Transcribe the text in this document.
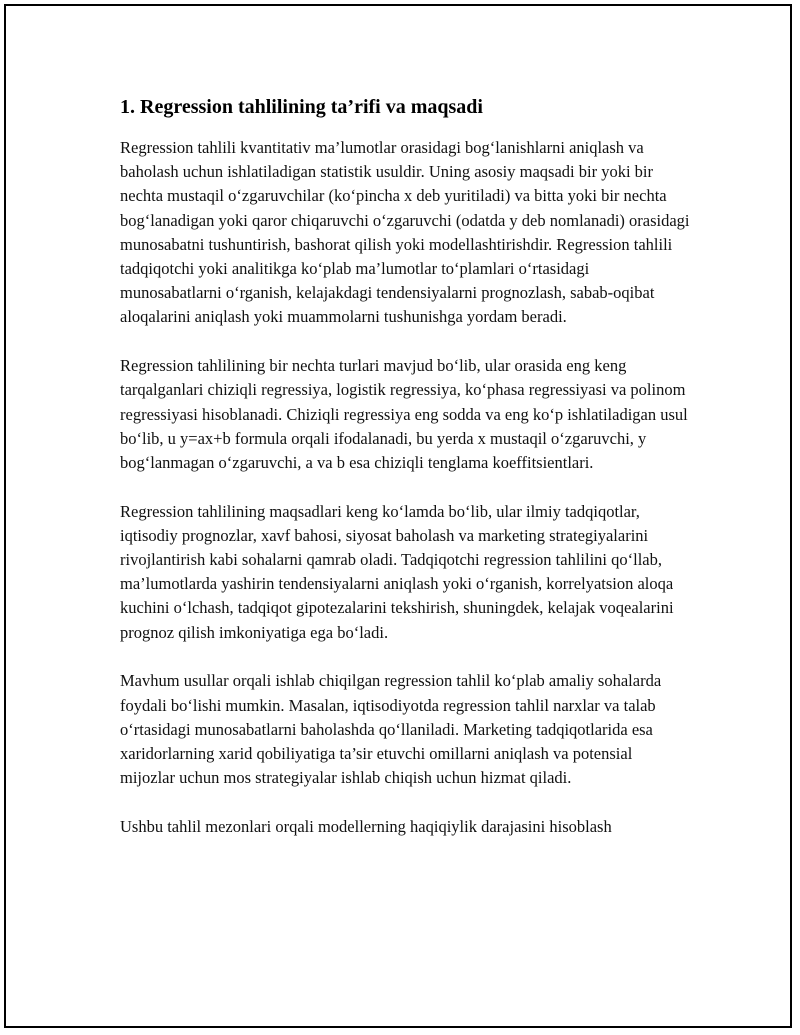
1. Regression tahlilining ta’rifi va maqsadi

Regression tahlili kvantitativ ma’lumotlar orasidagi bog‘lanishlarni aniqlash va baholash uchun ishlatiladigan statistik usuldir. Uning asosiy maqsadi bir yoki bir nechta mustaqil o‘zgaruvchilar (ko‘pincha x deb yuritiladi) va bitta yoki bir nechta bog‘lanadigan yoki qaror chiqaruvchi o‘zgaruvchi (odatda y deb nomlanadi) orasidagi munosabatni tushuntirish, bashorat qilish yoki modellashtirishdir. Regression tahlili tadqiqotchi yoki analitikga ko‘plab ma’lumotlar to‘plamlari o‘rtasidagi munosabatlarni o‘rganish, kelajakdagi tendensiyalarni prognozlash, sabab-oqibat aloqalarini aniqlash yoki muammolarni tushunishga yordam beradi.

Regression tahlilining bir nechta turlari mavjud bo‘lib, ular orasida eng keng tarqalganlari chiziqli regressiya, logistik regressiya, ko‘phasa regressiyasi va polinom regressiyasi hisoblanadi. Chiziqli regressiya eng sodda va eng ko‘p ishlatiladigan usul bo‘lib, u y=ax+b formula orqali ifodalanadi, bu yerda x mustaqil o‘zgaruvchi, y bog‘lanmagan o‘zgaruvchi, a va b esa chiziqli tenglama koeffitsientlari.

Regression tahlilining maqsadlari keng ko‘lamda bo‘lib, ular ilmiy tadqiqotlar, iqtisodiy prognozlar, xavf bahosi, siyosat baholash va marketing strategiyalarini rivojlantirish kabi sohalarni qamrab oladi. Tadqiqotchi regression tahlilini qo‘llab, ma’lumotlarda yashirin tendensiyalarni aniqlash yoki o‘rganish, korrelyatsion aloqa kuchini o‘lchash, tadqiqot gipotezalarini tekshirish, shuningdek, kelajak voqealarini prognoz qilish imkoniyatiga ega bo‘ladi.

Mavhum usullar orqali ishlab chiqilgan regression tahlil ko‘plab amaliy sohalarda foydali bo‘lishi mumkin. Masalan, iqtisodiyotda regression tahlil narxlar va talab o‘rtasidagi munosabatlarni baholashda qo‘llaniladi. Marketing tadqiqotlarida esa xaridorlarning xarid qobiliyatiga ta’sir etuvchi omillarni aniqlash va potensial mijozlar uchun mos strategiyalar ishlab chiqish uchun hizmat qiladi.

Ushbu tahlil mezonlari orqali modellerning haqiqiylik darajasini hisoblash
